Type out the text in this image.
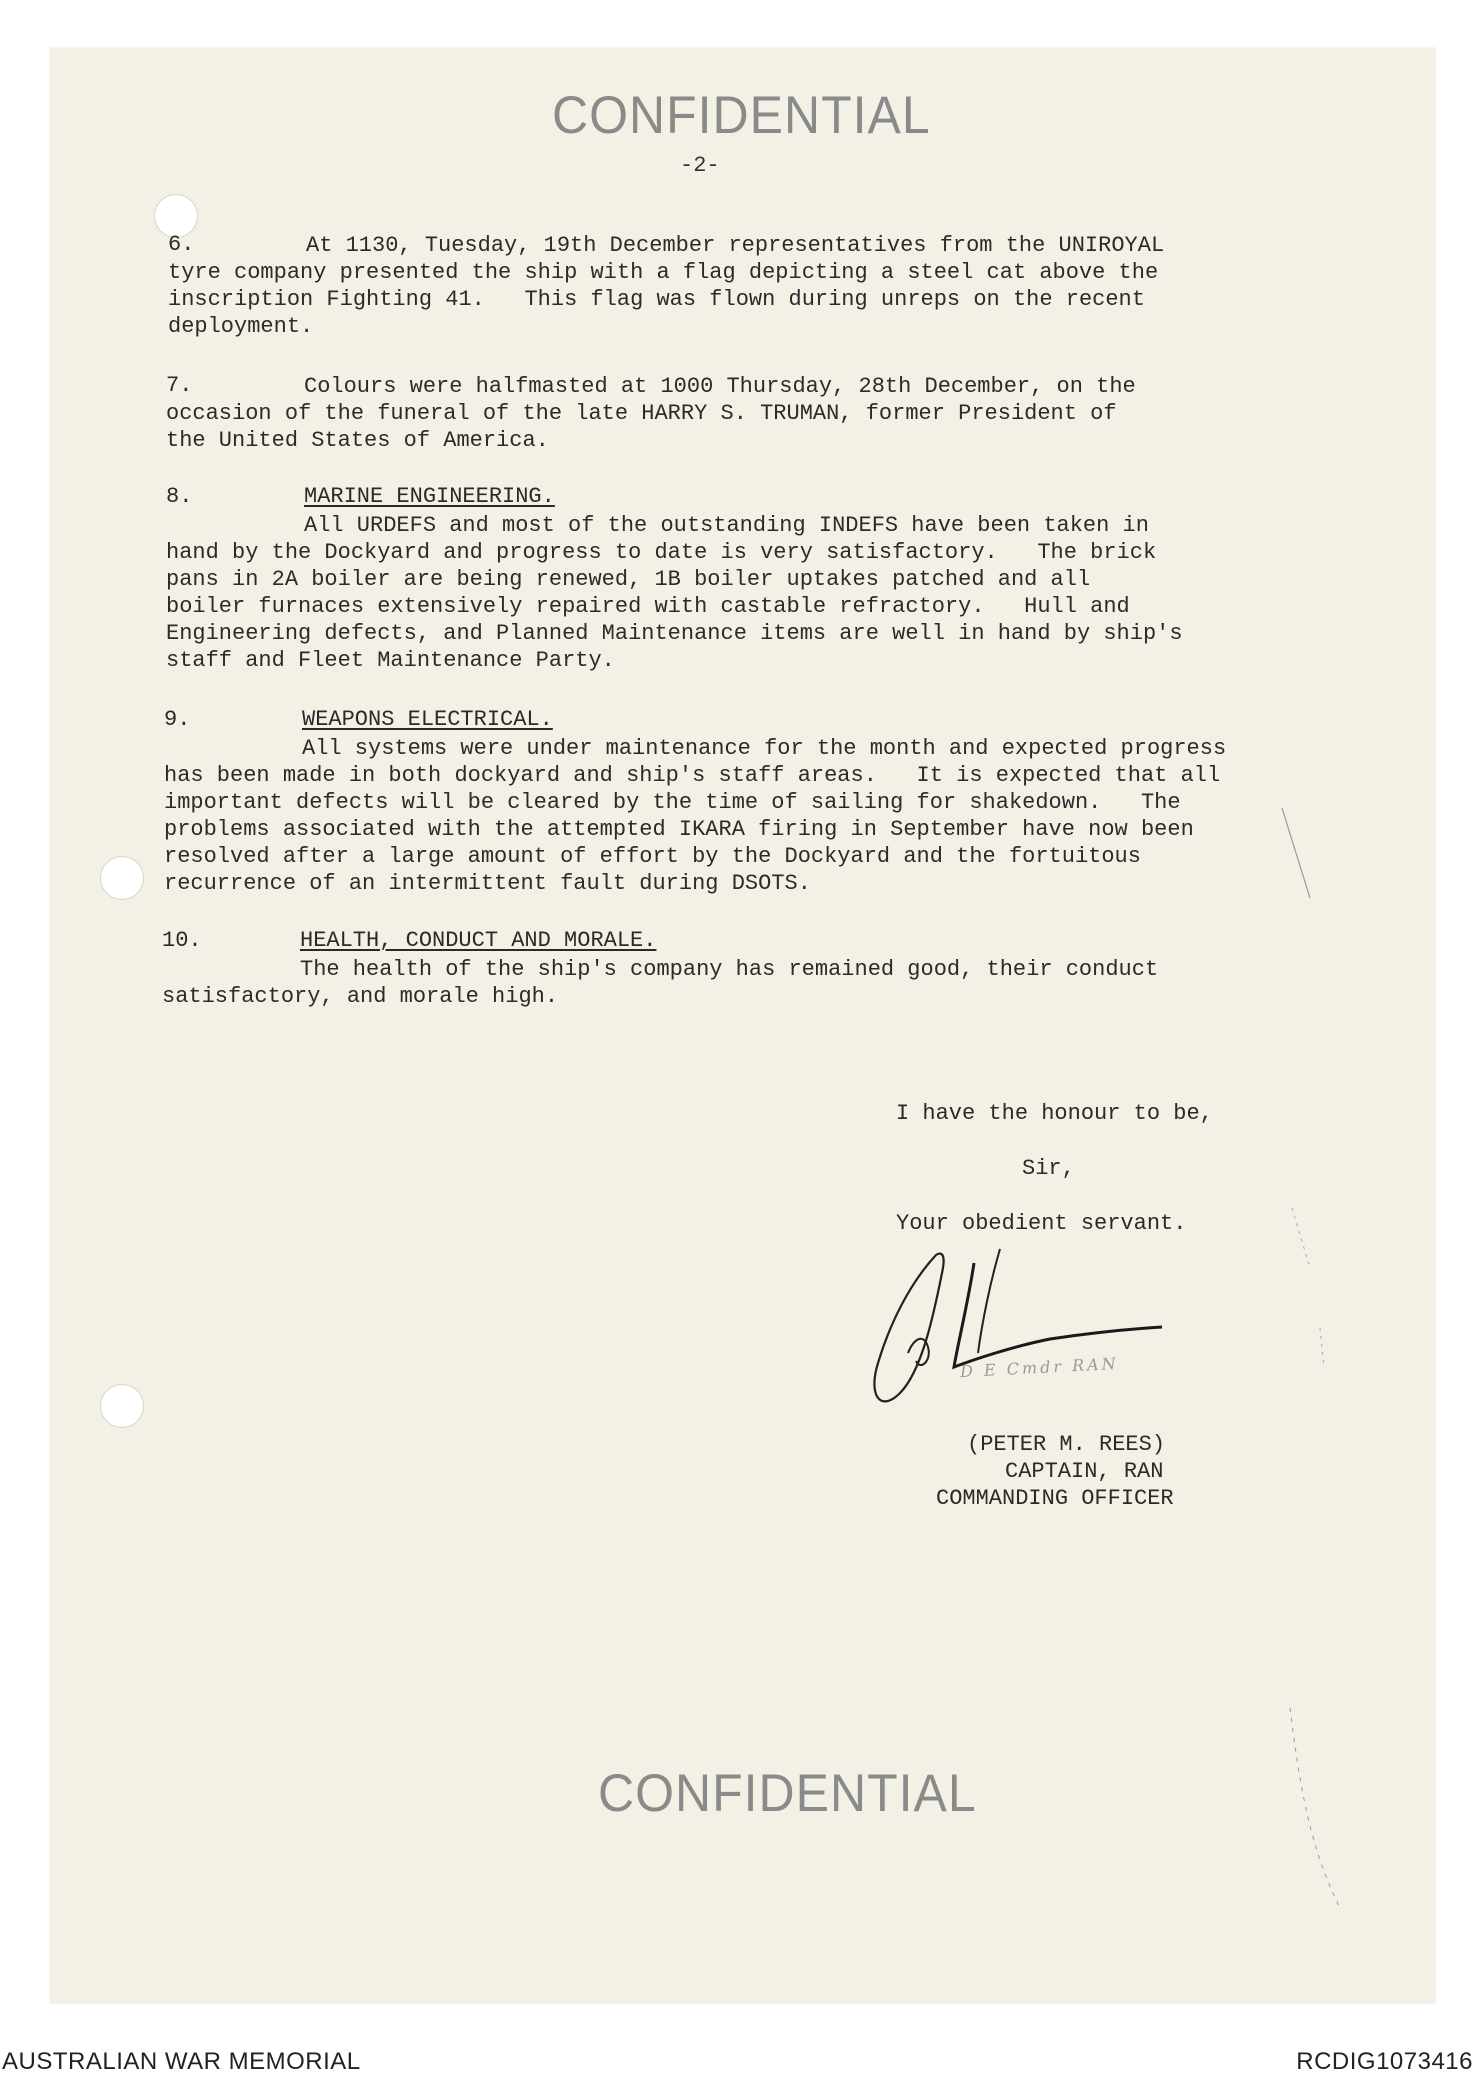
CONFIDENTIAL
-2-
6.	At 1130, Tuesday, 19th December representatives from the UNIROYAL
tyre company presented the ship with a flag depicting a steel cat above the
inscription Fighting 41.   This flag was flown during unreps on the recent
deployment.
7.	Colours were halfmasted at 1000 Thursday, 28th December, on the
occasion of the funeral of the late HARRY S. TRUMAN, former President of
the United States of America.
8.	MARINE ENGINEERING.
All URDEFS and most of the outstanding INDEFS have been taken in
hand by the Dockyard and progress to date is very satisfactory.   The brick
pans in 2A boiler are being renewed, 1B boiler uptakes patched and all
boiler furnaces extensively repaired with castable refractory.   Hull and
Engineering defects, and Planned Maintenance items are well in hand by ship's
staff and Fleet Maintenance Party.
9.	WEAPONS ELECTRICAL.
All systems were under maintenance for the month and expected progress
has been made in both dockyard and ship's staff areas.   It is expected that all
important defects will be cleared by the time of sailing for shakedown.   The
problems associated with the attempted IKARA firing in September have now been
resolved after a large amount of effort by the Dockyard and the fortuitous
recurrence of an intermittent fault during DSOTS.
10.	HEALTH, CONDUCT AND MORALE.
The health of the ship's company has remained good, their conduct
satisfactory, and morale high.
I have the honour to be,
Sir,
Your obedient servant.
D E Cmdr RAN
(PETER M. REES)
CAPTAIN, RAN
COMMANDING OFFICER
CONFIDENTIAL
AUSTRALIAN WAR MEMORIAL	RCDIG1073416
